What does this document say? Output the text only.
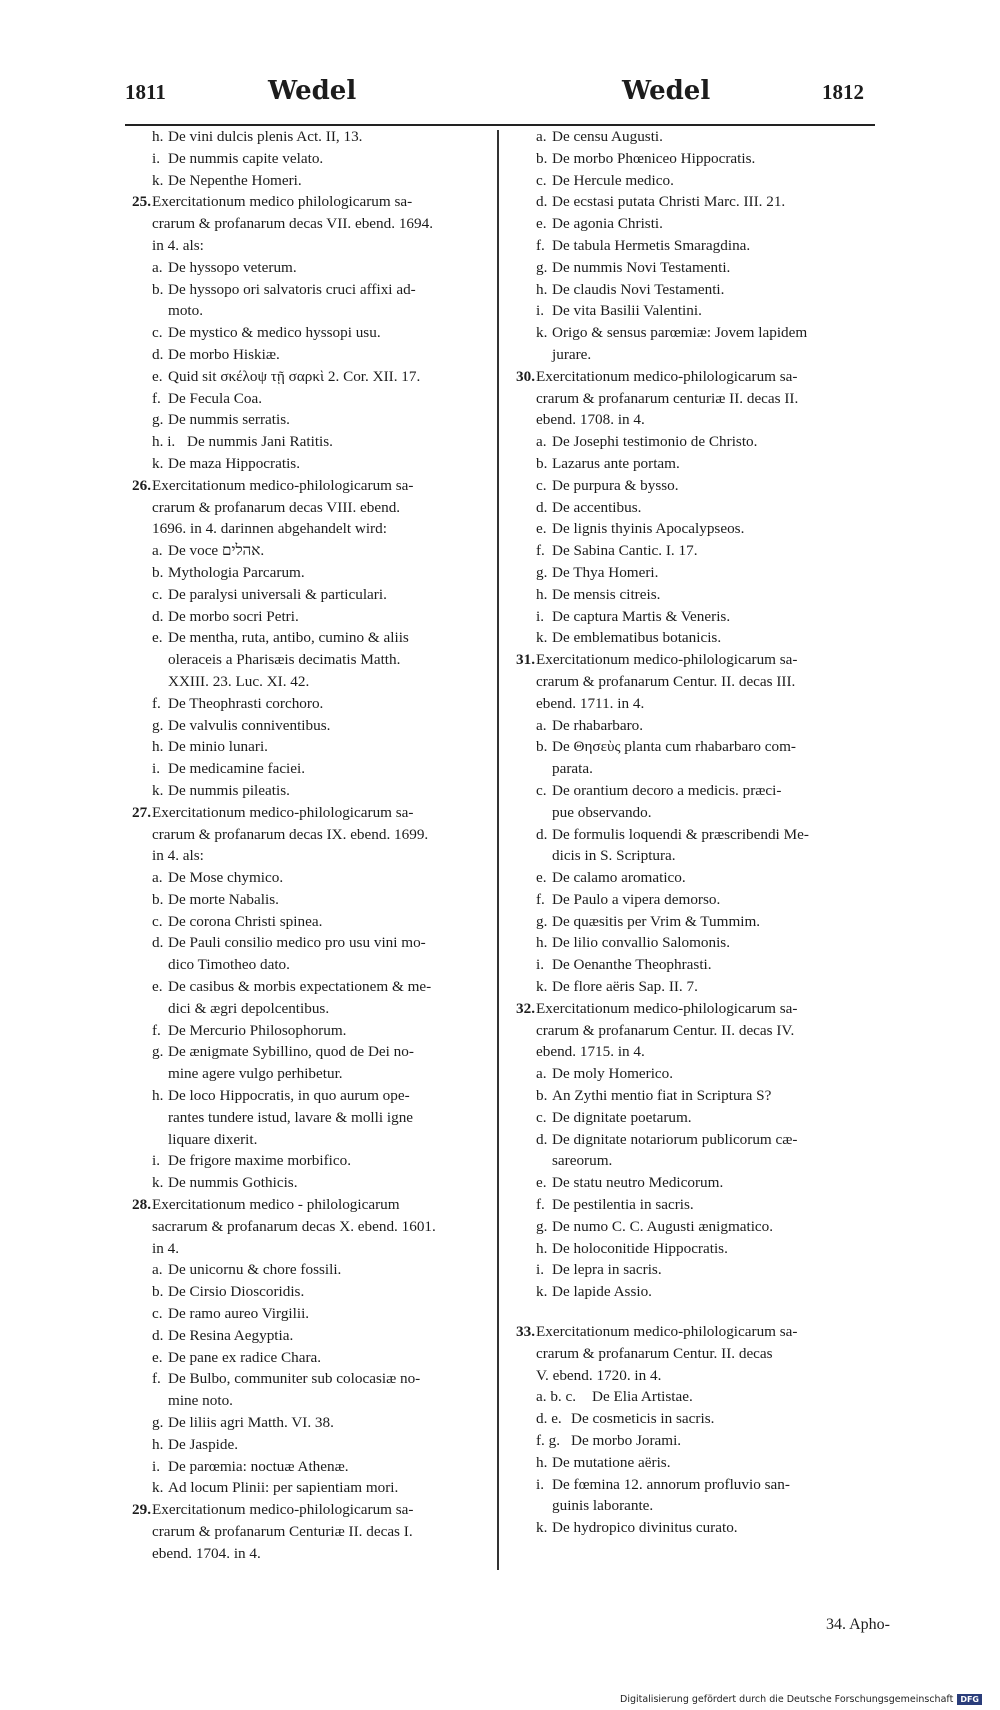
1811	Wedel	Wedel	1812
h. De vini dulcis plenis Act. II, 13.
i. De nummis capite velato.
k. De Nepenthe Homeri.
25. Exercitationum medico philologicarum sa-
crarum & profanarum decas VII. ebend. 1694.
in 4. als:
a. De hyssopo veterum.
b. De hyssopo ori salvatoris cruci affixi ad-
moto.
c. De mystico & medico hyssopi usu.
d. De morbo Hiskiæ.
e. Quid sit σκέλοψ τῇ σαρκὶ 2. Cor. XII. 17.
f. De Fecula Coa.
g. De nummis serratis.
h. i. De nummis Jani Ratitis.
k. De maza Hippocratis.
26. Exercitationum medico-philologicarum sa-
crarum & profanarum decas VIII. ebend.
1696. in 4. darinnen abgehandelt wird:
a. De voce אהלים.
b. Mythologia Parcarum.
c. De paralysi universali & particulari.
d. De morbo socri Petri.
e. De mentha, ruta, antibo, cumino & aliis
oleraceis a Pharisæis decimatis Matth.
XXIII. 23. Luc. XI. 42.
f. De Theophrasti corchoro.
g. De valvulis conniventibus.
h. De minio lunari.
i. De medicamine faciei.
k. De nummis pileatis.
27. Exercitationum medico-philologicarum sa-
crarum & profanarum decas IX. ebend. 1699.
in 4. als:
a. De Mose chymico.
b. De morte Nabalis.
c. De corona Christi spinea.
d. De Pauli consilio medico pro usu vini mo-
dico Timotheo dato.
e. De casibus & morbis expectationem & me-
dici & ægri depolcentibus.
f. De Mercurio Philosophorum.
g. De ænigmate Sybillino, quod de Dei no-
mine agere vulgo perhibetur.
h. De loco Hippocratis, in quo aurum ope-
rantes tundere istud, lavare & molli igne
liquare dixerit.
i. De frigore maxime morbifico.
k. De nummis Gothicis.
28. Exercitationum medico - philologicarum
sacrarum & profanarum decas X. ebend. 1601.
in 4.
a. De unicornu & chore fossili.
b. De Cirsio Dioscoridis.
c. De ramo aureo Virgilii.
d. De Resina Aegyptia.
e. De pane ex radice Chara.
f. De Bulbo, communiter sub colocasiæ no-
mine noto.
g. De liliis agri Matth. VI. 38.
h. De Jaspide.
i. De parœmia: noctuæ Athenæ.
k. Ad locum Plinii: per sapientiam mori.
29. Exercitationum medico-philologicarum sa-
crarum & profanarum Centuriæ II. decas I.
ebend. 1704. in 4.
a. De censu Augusti.
b. De morbo Phœniceo Hippocratis.
c. De Hercule medico.
d. De ecstasi putata Christi Marc. III. 21.
e. De agonia Christi.
f. De tabula Hermetis Smaragdina.
g. De nummis Novi Testamenti.
h. De claudis Novi Testamenti.
i. De vita Basilii Valentini.
k. Origo & sensus parœmiæ: Jovem lapidem
jurare.
30. Exercitationum medico-philologicarum sa-
crarum & profanarum centuriæ II. decas II.
ebend. 1708. in 4.
a. De Josephi testimonio de Christo.
b. Lazarus ante portam.
c. De purpura & bysso.
d. De accentibus.
e. De lignis thyinis Apocalypseos.
f. De Sabina Cantic. I. 17.
g. De Thya Homeri.
h. De mensis citreis.
i. De captura Martis & Veneris.
k. De emblematibus botanicis.
31. Exercitationum medico-philologicarum sa-
crarum & profanarum Centur. II. decas III.
ebend. 1711. in 4.
a. De rhabarbaro.
b. De Θησεὺς planta cum rhabarbaro com-
parata.
c. De orantium decoro a medicis. præci-
pue observando.
d. De formulis loquendi & præscribendi Me-
dicis in S. Scriptura.
e. De calamo aromatico.
f. De Paulo a vipera demorso.
g. De quæsitis per Vrim & Tummim.
h. De lilio convallio Salomonis.
i. De Oenanthe Theophrasti.
k. De flore aëris Sap. II. 7.
32. Exercitationum medico-philologicarum sa-
crarum & profanarum Centur. II. decas IV.
ebend. 1715. in 4.
a. De moly Homerico.
b. An Zythi mentio fiat in Scriptura S?
c. De dignitate poetarum.
d. De dignitate notariorum publicorum cæ-
sareorum.
e. De statu neutro Medicorum.
f. De pestilentia in sacris.
g. De numo C. C. Augusti ænigmatico.
h. De holoconitide Hippocratis.
i. De lepra in sacris.
k. De lapide Assio.
33. Exercitationum medico-philologicarum sa-
crarum & profanarum Centur. II. decas
V. ebend. 1720. in 4.
a. b. c.	De Elia Artistae.
d. e. De cosmeticis in sacris.
f. g. De morbo Jorami.
h. De mutatione aëris.
i. De fœmina 12. annorum profluvio san-
guinis laborante.
k. De hydropico divinitus curato.
34. Apho-
Digitalisierung gefördert durch die Deutsche Forschungsgemeinschaft DFG
